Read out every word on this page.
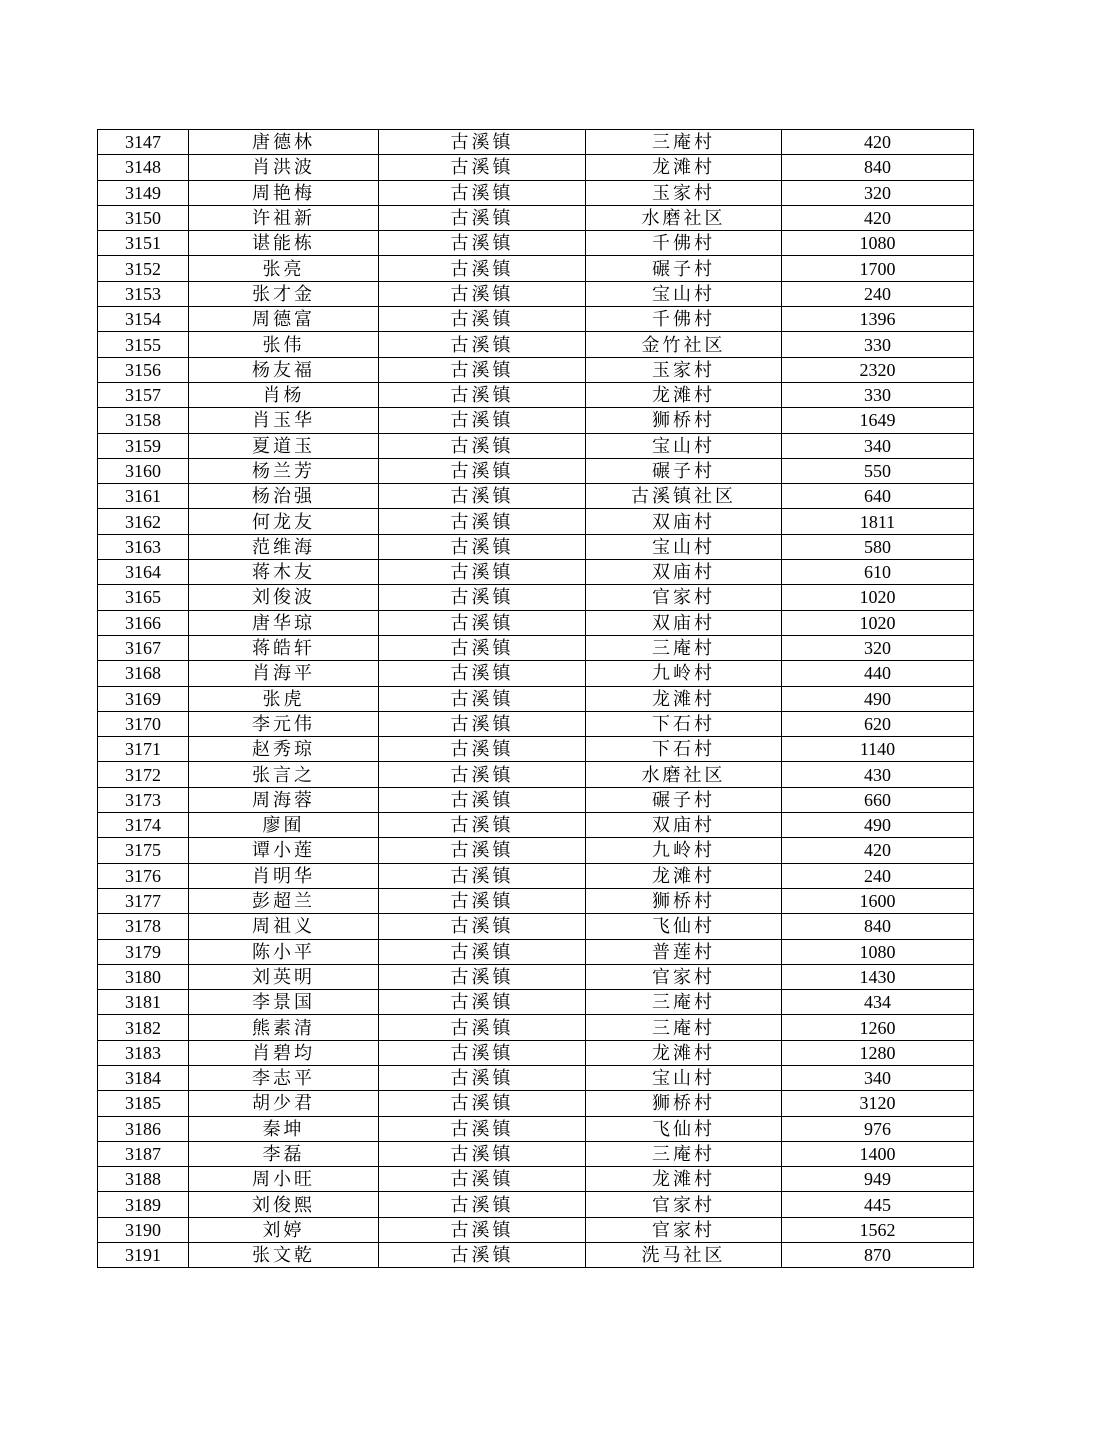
3147	唐德林	古溪镇	三庵村	420
3148	肖洪波	古溪镇	龙滩村	840
3149	周艳梅	古溪镇	玉家村	320
3150	许祖新	古溪镇	水磨社区	420
3151	谌能栋	古溪镇	千佛村	1080
3152	张亮	古溪镇	碾子村	1700
3153	张才金	古溪镇	宝山村	240
3154	周德富	古溪镇	千佛村	1396
3155	张伟	古溪镇	金竹社区	330
3156	杨友福	古溪镇	玉家村	2320
3157	肖杨	古溪镇	龙滩村	330
3158	肖玉华	古溪镇	狮桥村	1649
3159	夏道玉	古溪镇	宝山村	340
3160	杨兰芳	古溪镇	碾子村	550
3161	杨治强	古溪镇	古溪镇社区	640
3162	何龙友	古溪镇	双庙村	1811
3163	范维海	古溪镇	宝山村	580
3164	蒋木友	古溪镇	双庙村	610
3165	刘俊波	古溪镇	官家村	1020
3166	唐华琼	古溪镇	双庙村	1020
3167	蒋皓轩	古溪镇	三庵村	320
3168	肖海平	古溪镇	九岭村	440
3169	张虎	古溪镇	龙滩村	490
3170	李元伟	古溪镇	下石村	620
3171	赵秀琼	古溪镇	下石村	1140
3172	张言之	古溪镇	水磨社区	430
3173	周海蓉	古溪镇	碾子村	660
3174	廖囿	古溪镇	双庙村	490
3175	谭小莲	古溪镇	九岭村	420
3176	肖明华	古溪镇	龙滩村	240
3177	彭超兰	古溪镇	狮桥村	1600
3178	周祖义	古溪镇	飞仙村	840
3179	陈小平	古溪镇	普莲村	1080
3180	刘英明	古溪镇	官家村	1430
3181	李景国	古溪镇	三庵村	434
3182	熊素清	古溪镇	三庵村	1260
3183	肖碧均	古溪镇	龙滩村	1280
3184	李志平	古溪镇	宝山村	340
3185	胡少君	古溪镇	狮桥村	3120
3186	秦坤	古溪镇	飞仙村	976
3187	李磊	古溪镇	三庵村	1400
3188	周小旺	古溪镇	龙滩村	949
3189	刘俊熙	古溪镇	官家村	445
3190	刘婷	古溪镇	官家村	1562
3191	张文乾	古溪镇	洗马社区	870
